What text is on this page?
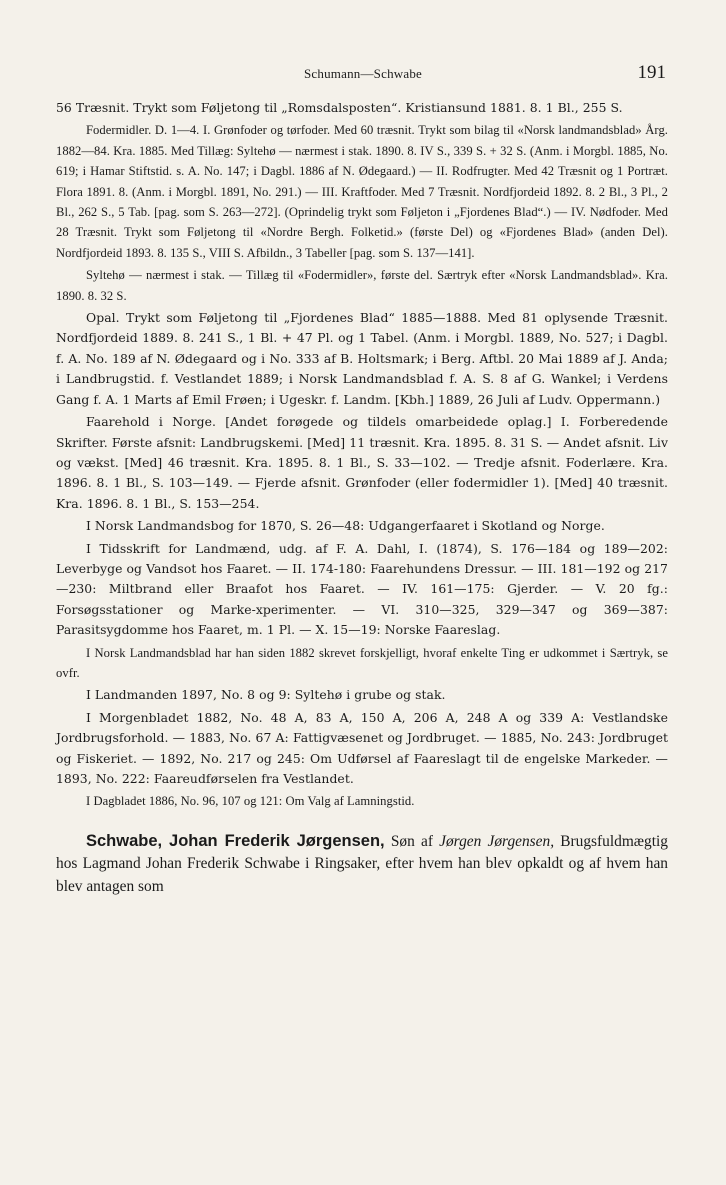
Schumann—Schwabe	191

56 Træsnit. Trykt som Føljetong til „Romsdalsposten“. Kristiansund 1881. 8. 1 Bl., 255 S.

Fodermidler. D. 1—4. I. Grønfoder og tørfoder. Med 60 træsnit. Trykt som bilag til «Norsk landmandsblad» Årg. 1882—84. Kra. 1885. Med Tillæg: Syltehø — nærmest i stak. 1890. 8. IV S., 339 S. + 32 S. (Anm. i Morgbl. 1885, No. 619; i Hamar Stiftstid. s. A. No. 147; i Dagbl. 1886 af N. Ødegaard.) — II. Rodfrugter. Med 42 Træsnit og 1 Portræt. Flora 1891. 8. (Anm. i Morgbl. 1891, No. 291.) — III. Kraftfoder. Med 7 Træsnit. Nordfjordeid 1892. 8. 2 Bl., 3 Pl., 2 Bl., 262 S., 5 Tab. [pag. som S. 263—272]. (Oprindelig trykt som Føljeton i „Fjordenes Blad“.) — IV. Nødfoder. Med 28 Træsnit. Trykt som Føljetong til «Nordre Bergh. Folketid.» (første Del) og «Fjordenes Blad» (anden Del). Nordfjordeid 1893. 8. 135 S., VIII S. Afbildn., 3 Tabeller [pag. som S. 137—141].

Syltehø — nærmest i stak. — Tillæg til «Fodermidler», første del. Særtryk efter «Norsk Landmandsblad». Kra. 1890. 8. 32 S.

Opal. Trykt som Føljetong til „Fjordenes Blad“ 1885—1888. Med 81 oplysende Træsnit. Nordfjordeid 1889. 8. 241 S., 1 Bl. + 47 Pl. og 1 Tabel. (Anm. i Morgbl. 1889, No. 527; i Dagbl. f. A. No. 189 af N. Ødegaard og i No. 333 af B. Holtsmark; i Berg. Aftbl. 20 Mai 1889 af J. Anda; i Landbrugstid. f. Vestlandet 1889; i Norsk Landmandsblad f. A. S. 8 af G. Wankel; i Verdens Gang f. A. 1 Marts af Emil Frøen; i Ugeskr. f. Landm. [Kbh.] 1889, 26 Juli af Ludv. Oppermann.)

Faarehold i Norge. [Andet forøgede og tildels omarbeidede oplag.] I. Forberedende Skrifter. Første afsnit: Landbrugskemi. [Med] 11 træsnit. Kra. 1895. 8. 31 S. — Andet afsnit. Liv og vækst. [Med] 46 træsnit. Kra. 1895. 8. 1 Bl., S. 33—102. — Tredje afsnit. Foderlære. Kra. 1896. 8. 1 Bl., S. 103—149. — Fjerde afsnit. Grønfoder (eller fodermidler 1). [Med] 40 træsnit. Kra. 1896. 8. 1 Bl., S. 153—254.

I Norsk Landmandsbog for 1870, S. 26—48: Udgangerfaaret i Skotland og Norge.

I Tidsskrift for Landmænd, udg. af F. A. Dahl, I. (1874), S. 176—184 og 189—202: Leverbyge og Vandsot hos Faaret. — II. 174-180: Faarehundens Dressur. — III. 181—192 og 217—230: Miltbrand eller Braafot hos Faaret. — IV. 161—175: Gjerder. — V. 20 fg.: Forsøgsstationer og Marke-xperimenter. — VI. 310—325, 329—347 og 369—387: Parasitsygdomme hos Faaret, m. 1 Pl. — X. 15—19: Norske Faareslag.

I Norsk Landmandsblad har han siden 1882 skrevet forskjelligt, hvoraf enkelte Ting er udkommet i Særtryk, se ovfr.

I Landmanden 1897, No. 8 og 9: Syltehø i grube og stak.

I Morgenbladet 1882, No. 48 A, 83 A, 150 A, 206 A, 248 A og 339 A: Vestlandske Jordbrugsforhold. — 1883, No. 67 A: Fattigvæsenet og Jordbruget. — 1885, No. 243: Jordbruget og Fiskeriet. — 1892, No. 217 og 245: Om Udførsel af Faareslagt til de engelske Markeder. — 1893, No. 222: Faareudførselen fra Vestlandet.

I Dagbladet 1886, No. 96, 107 og 121: Om Valg af Lamningstid.

Schwabe, Johan Frederik Jørgensen, Søn af Jørgen Jørgensen, Brugsfuldmægtig hos Lagmand Johan Frederik Schwabe i Ringsaker, efter hvem han blev opkaldt og af hvem han blev antagen som
